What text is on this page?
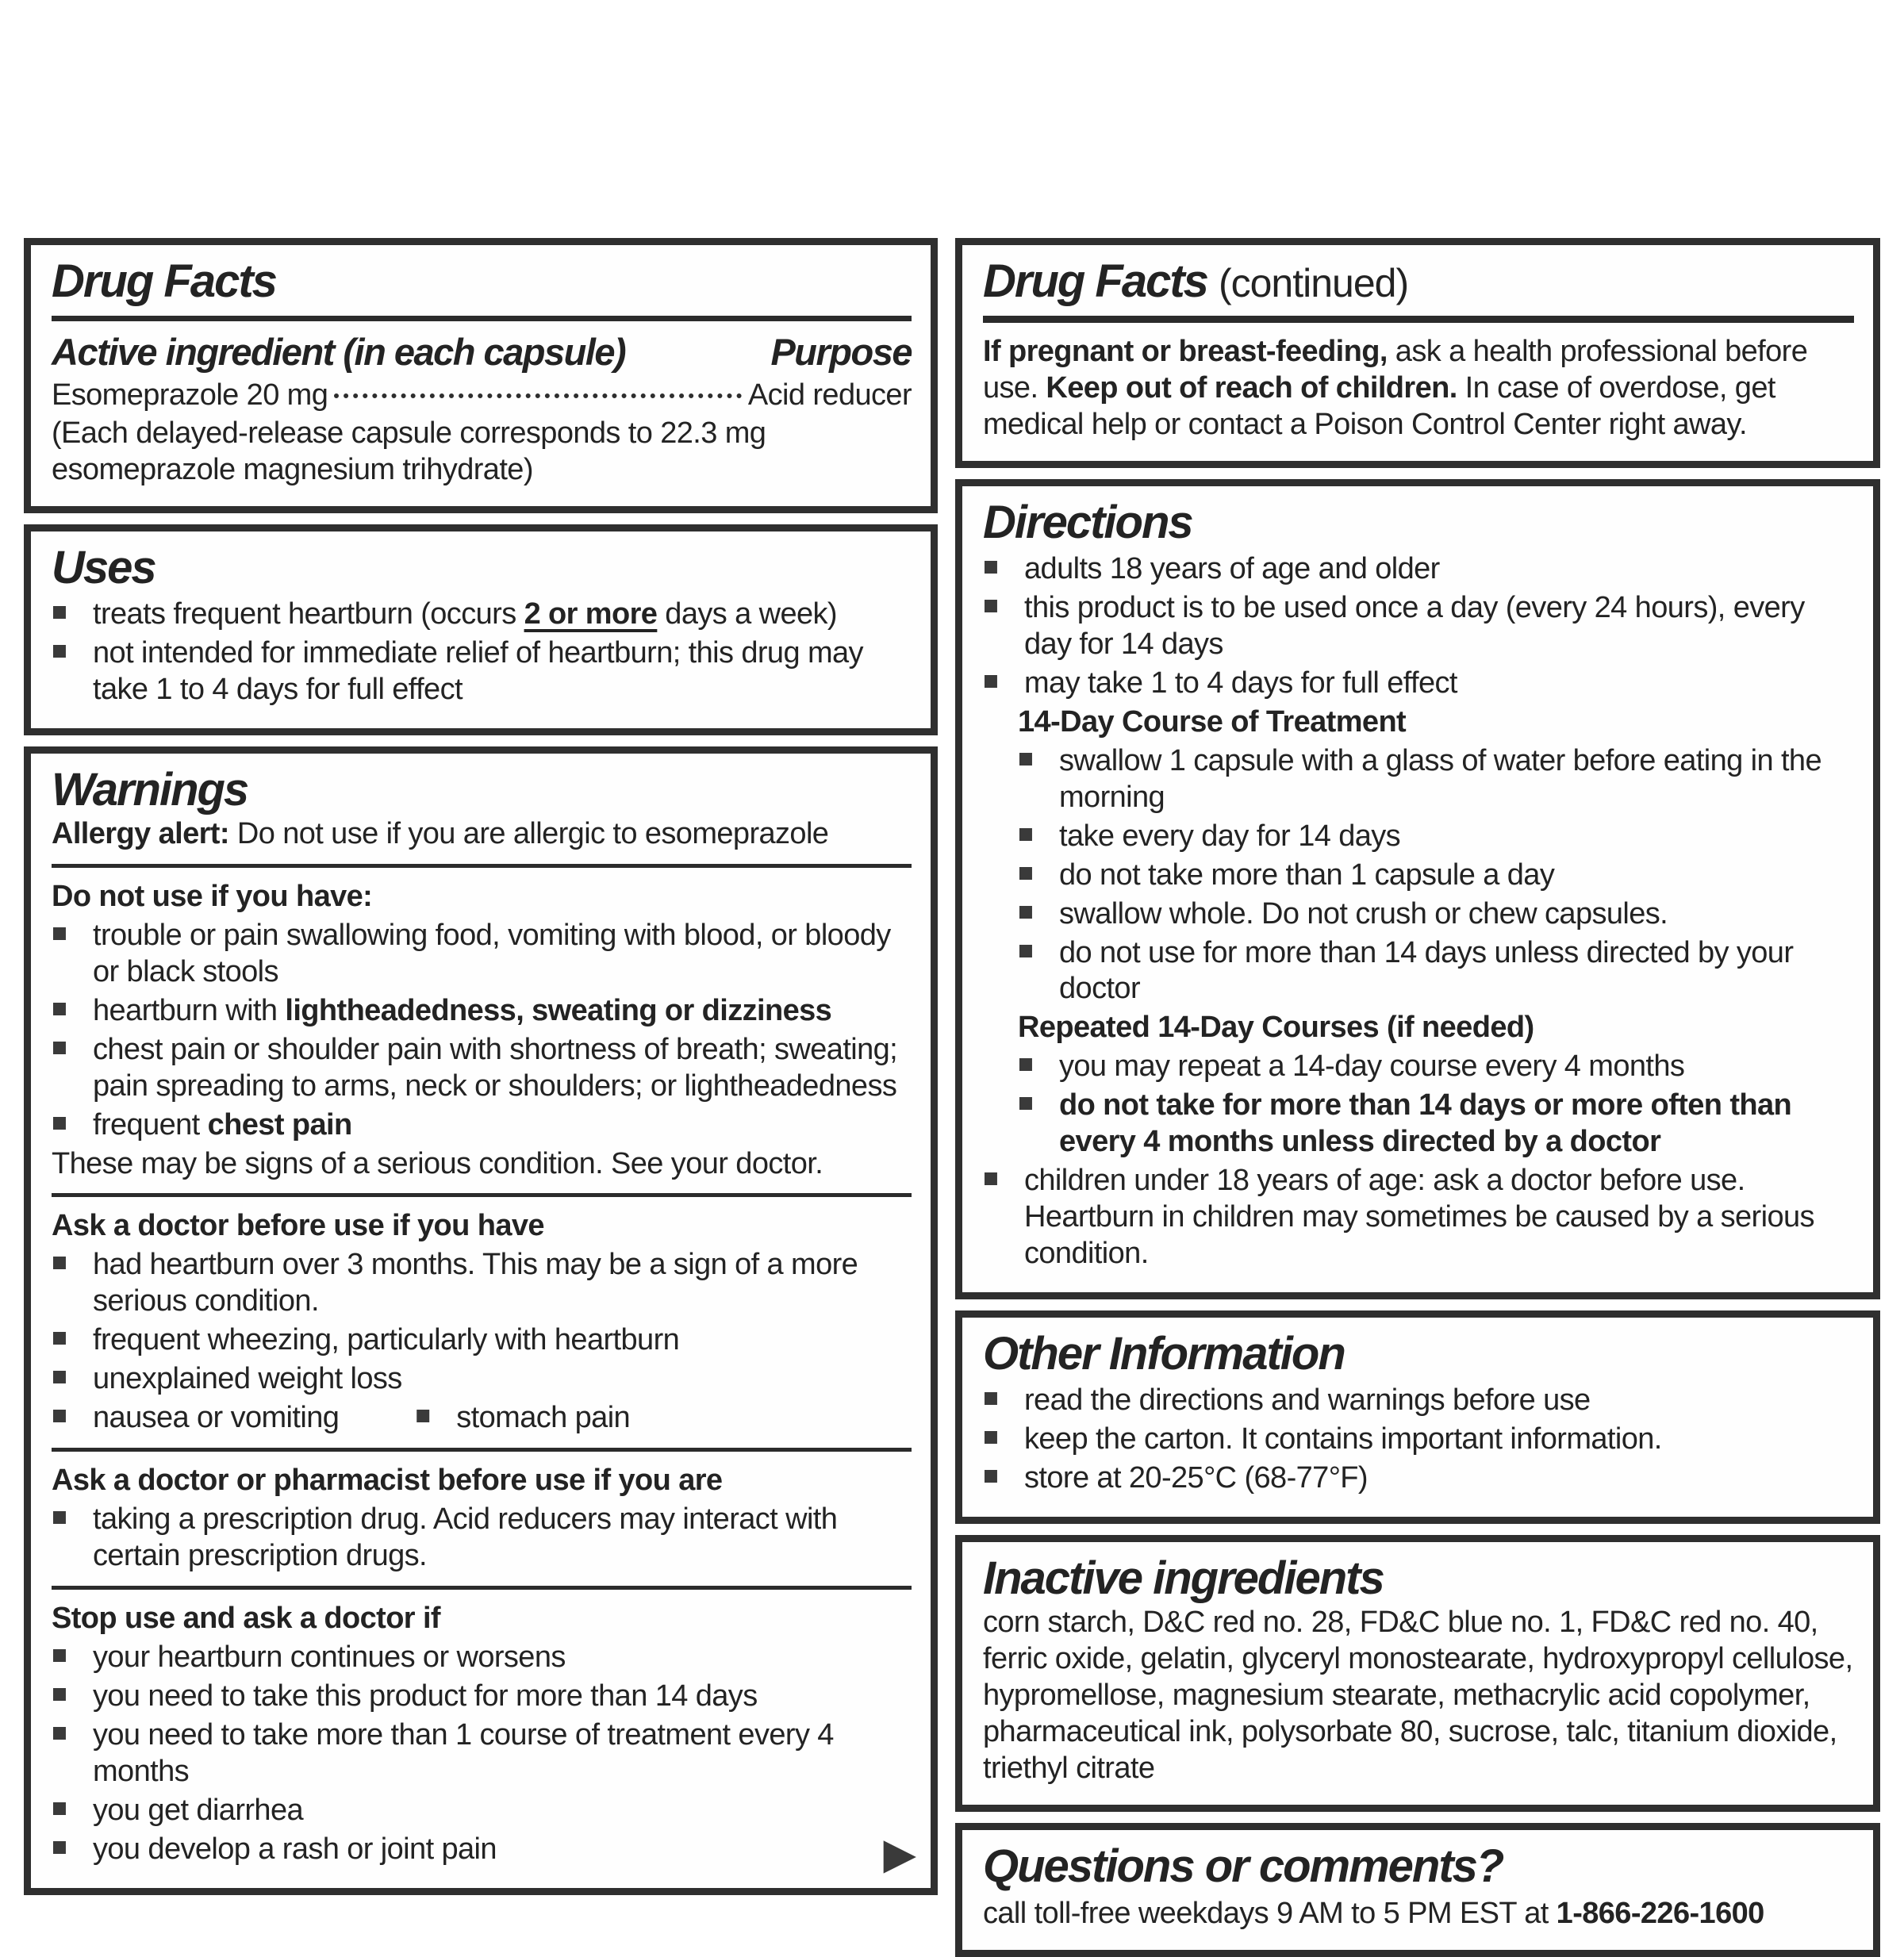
Drug Facts
Active ingredient (in each capsule)	Purpose
Esomeprazole 20 mg	Acid reducer

(Each delayed-release capsule corresponds to 22.3 mg esomeprazole magnesium trihydrate)

Uses
■ treats frequent heartburn (occurs 2 or more days a week)
■ not intended for immediate relief of heartburn; this drug may take 1 to 4 days for full effect
Warnings

Allergy alert: Do not use if you are allergic to esomeprazole

Do not use if you have:

■ trouble or pain swallowing food, vomiting with blood, or bloody or black stools
■ heartburn with lightheadedness, sweating or dizziness
■ chest pain or shoulder pain with shortness of breath; sweating; pain spreading to arms, neck or shoulders; or lightheadedness
■ frequent chest pain

These may be signs of a serious condition. See your doctor.

Ask a doctor before use if you have

■ had heartburn over 3 months. This may be a sign of a more serious condition.
■ frequent wheezing, particularly with heartburn
■ unexplained weight loss
■ nausea or vomiting	■ stomach pain

Ask a doctor or pharmacist before use if you are

■ taking a prescription drug. Acid reducers may interact with certain prescription drugs.

Stop use and ask a doctor if

■ your heartburn continues or worsens
■ you need to take this product for more than 14 days
■ you need to take more than 1 course of treatment every 4 months
■ you get diarrhea
■ you develop a rash or joint pain	▶
Drug Facts (continued)

If pregnant or breast-feeding, ask a health professional before use. Keep out of reach of children. In case of overdose, get medical help or contact a Poison Control Center right away.

Directions
■ adults 18 years of age and older
■ this product is to be used once a day (every 24 hours), every day for 14 days
■ may take 1 to 4 days for full effect

14-Day Course of Treatment

■ swallow 1 capsule with a glass of water before eating in the morning
■ take every day for 14 days
■ do not take more than 1 capsule a day
■ swallow whole. Do not crush or chew capsules.
■ do not use for more than 14 days unless directed by your doctor

Repeated 14-Day Courses (if needed)

■ you may repeat a 14-day course every 4 months
■ do not take for more than 14 days or more often than every 4 months unless directed by a doctor
■ children under 18 years of age: ask a doctor before use. Heartburn in children may sometimes be caused by a serious condition.
Other Information
■ read the directions and warnings before use
■ keep the carton. It contains important information.
■ store at 20-25°C (68-77°F)
Inactive ingredients

corn starch, D&C red no. 28, FD&C blue no. 1, FD&C red no. 40, ferric oxide, gelatin, glyceryl monostearate, hydroxypropyl cellulose, hypromellose, magnesium stearate, methacrylic acid copolymer, pharmaceutical ink, polysorbate 80, sucrose, talc, titanium dioxide, triethyl citrate

Questions or comments?

call toll-free weekdays 9 AM to 5 PM EST at 1-866-226-1600
